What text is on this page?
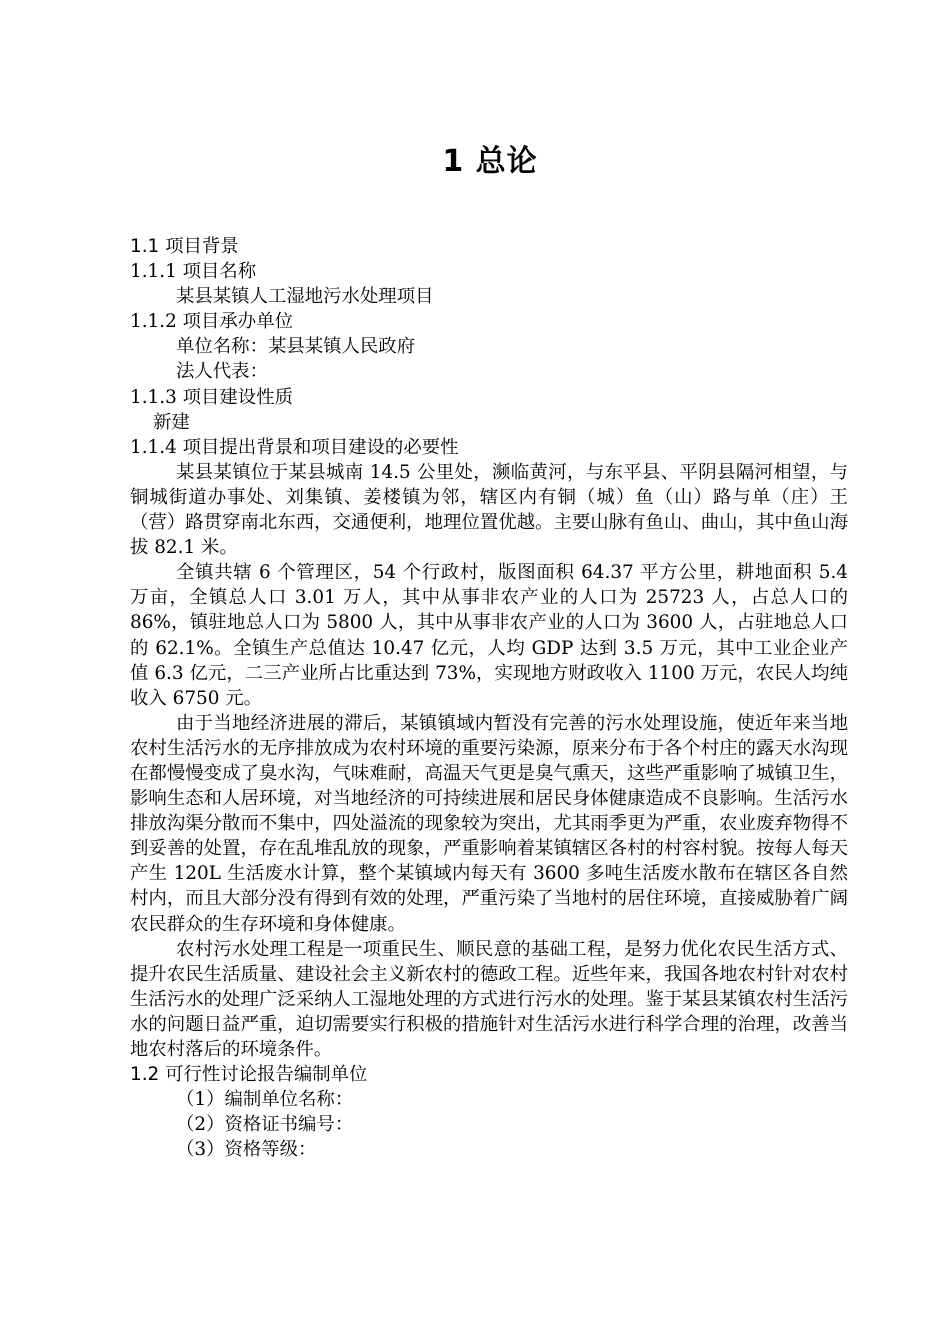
1 总论
1.1 项目背景
1.1.1 项目名称
某县某镇人工湿地污水处理项目
1.1.2 项目承办单位
单位名称：某县某镇人民政府
法人代表：
1.1.3 项目建设性质
新建
1.1.4 项目提出背景和项目建设的必要性
某县某镇位于某县城南 14.5 公里处，濒临黄河，与东平县、平阴县隔河相望，与铜城街道办事处、刘集镇、姜楼镇为邻，辖区内有铜（城）鱼（山）路与单（庄）王（营）路贯穿南北东西，交通便利，地理位置优越。主要山脉有鱼山、曲山，其中鱼山海拔 82.1 米。
全镇共辖 6 个管理区，54 个行政村，版图面积 64.37 平方公里，耕地面积 5.4 万亩，全镇总人口 3.01 万人，其中从事非农产业的人口为 25723 人，占总人口的 86%，镇驻地总人口为 5800 人，其中从事非农产业的人口为 3600 人，占驻地总人口的 62.1%。全镇生产总值达 10.47 亿元，人均 GDP 达到 3.5 万元，其中工业企业产值 6.3 亿元，二三产业所占比重达到 73%，实现地方财政收入 1100 万元，农民人均纯收入 6750 元。
由于当地经济进展的滞后，某镇镇域内暂没有完善的污水处理设施，使近年来当地农村生活污水的无序排放成为农村环境的重要污染源，原来分布于各个村庄的露天水沟现在都慢慢变成了臭水沟，气味难耐，高温天气更是臭气熏天，这些严重影响了城镇卫生，影响生态和人居环境，对当地经济的可持续进展和居民身体健康造成不良影响。生活污水排放沟渠分散而不集中，四处溢流的现象较为突出，尤其雨季更为严重，农业废弃物得不到妥善的处置，存在乱堆乱放的现象，严重影响着某镇辖区各村的村容村貌。按每人每天产生 120L 生活废水计算，整个某镇域内每天有 3600 多吨生活废水散布在辖区各自然村内，而且大部分没有得到有效的处理，严重污染了当地村的居住环境，直接威胁着广阔农民群众的生存环境和身体健康。
农村污水处理工程是一项重民生、顺民意的基础工程，是努力优化农民生活方式、提升农民生活质量、建设社会主义新农村的德政工程。近些年来，我国各地农村针对农村生活污水的处理广泛采纳人工湿地处理的方式进行污水的处理。鉴于某县某镇农村生活污水的问题日益严重，迫切需要实行积极的措施针对生活污水进行科学合理的治理，改善当地农村落后的环境条件。
1.2 可行性讨论报告编制单位
（1）编制单位名称：
（2）资格证书编号：
（3）资格等级：
